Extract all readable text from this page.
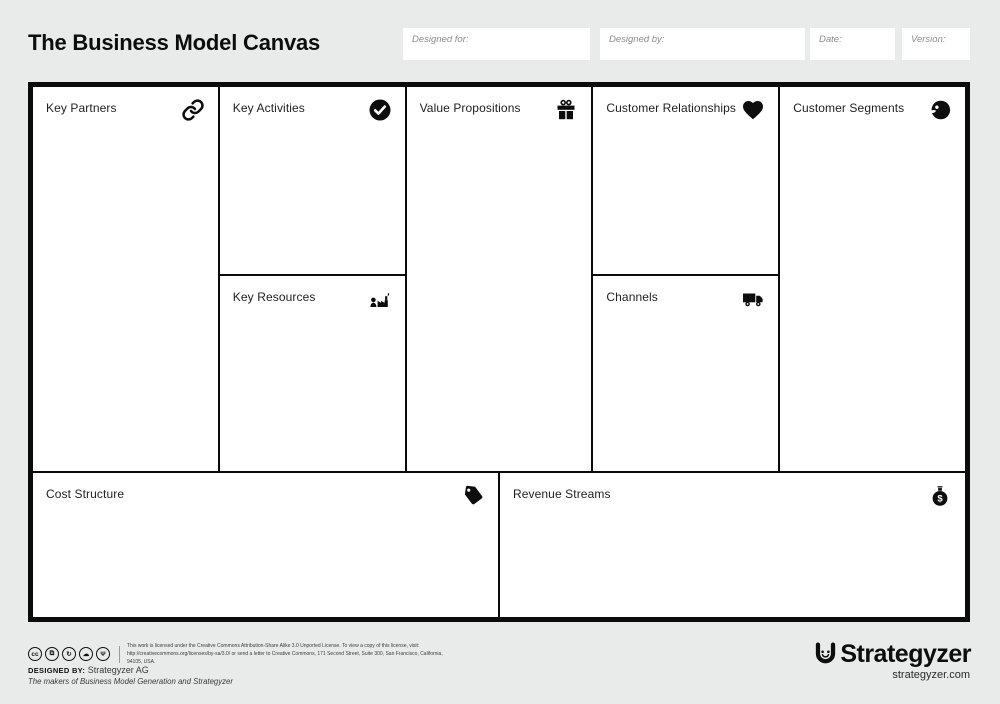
The Business Model Canvas	Designed for:	Designed by:	Date:	Version:
Key Partners	Key Activities
Key Resources
Value Propositions	Customer Relationships
Channels
Customer Segments
Cost Structure	Revenue Streams	$
cc	⧉	↻	☁	Ψ
This work is licensed under the Creative Commons Attribution-Share Alike 3.0 Unported License. To view a copy of this license, visit:
http://creativecommons.org/licenses/by-sa/3.0/ or send a letter to Creative Commons, 171 Second Street, Suite 300, San Francisco, California, 94105, USA.
DESIGNED BY: Strategyzer AG
The makers of Business Model Generation and Strategyzer
Strategyzer
strategyzer.com
